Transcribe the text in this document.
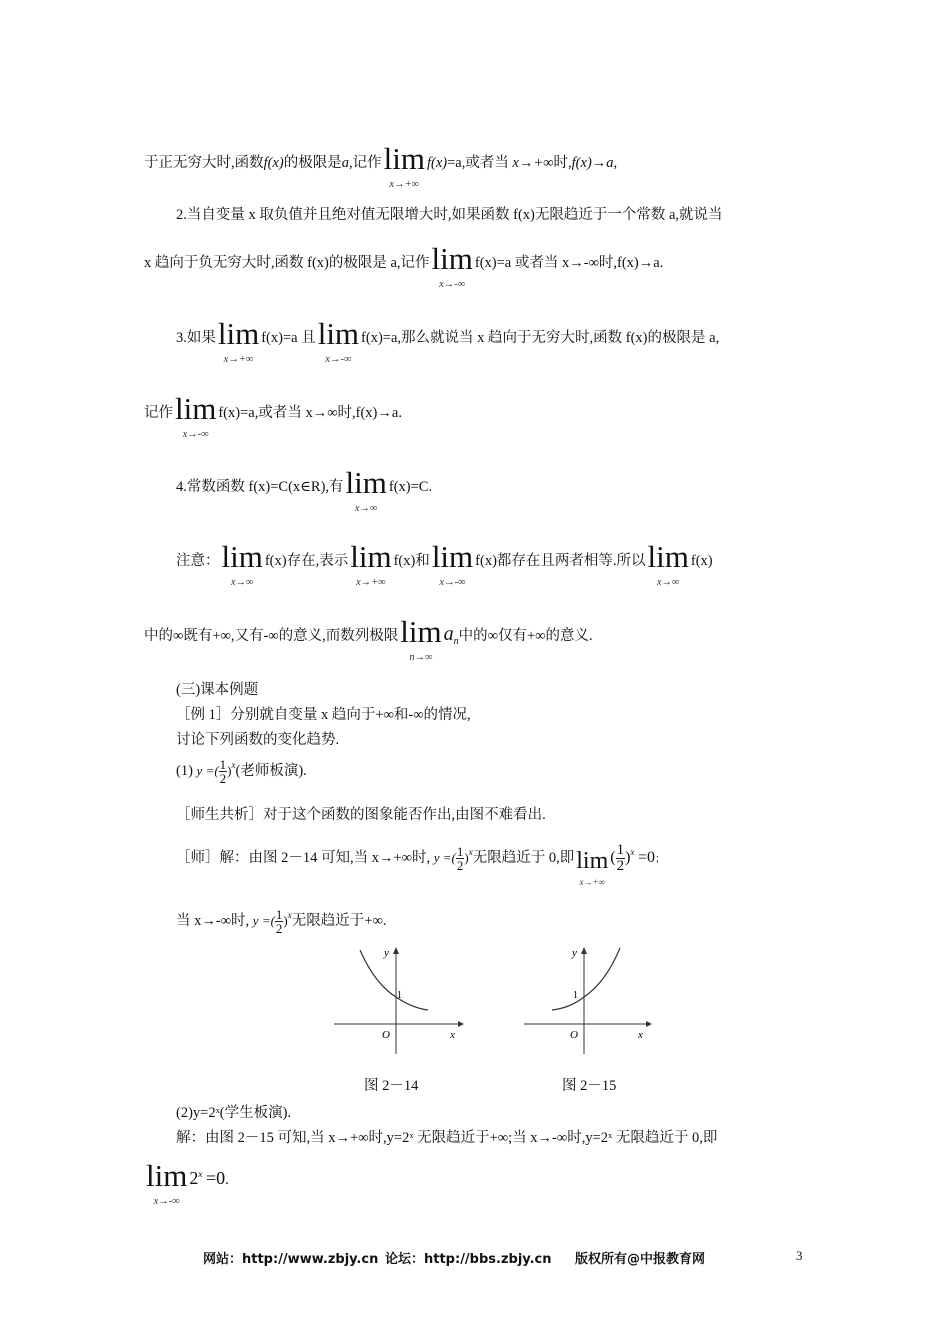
于正无穷大时,函数f(x)的极限是a,记作 lim
x→+∞
f(x)=a,或者当 x→+∞时,f(x)→a,
2.当自变量 x 取负值并且绝对值无限增大时,如果函数 f(x)无限趋近于一个常数 a,就说当
x 趋向于负无穷大时,函数 f(x)的极限是 a,记作 lim
x→-∞
f(x)=a 或者当 x→-∞时,f(x)→a.
3.如果 lim
x→+∞
f(x)=a 且 lim
x→-∞
f(x)=a,那么就说当 x 趋向于无穷大时,函数 f(x)的极限是 a,
记作 lim
x→-∞
f(x)=a,或者当 x→∞时,f(x)→a.
4.常数函数 f(x)=C(x∈R),有 lim
x→∞
f(x)=C.
注意： lim
x→∞
f(x)存在,表示 lim
x→+∞
f(x)和 lim
x→-∞
f(x)都存在且两者相等.所以 lim
x→∞
f(x)
中的∞既有+∞,又有-∞的意义,而数列极限 lim
n→∞
$a_n$中的∞仅有+∞的意义.
(三)课本例题
［例 1］分别就自变量 x 趋向于+∞和-∞的情况,
讨论下列函数的变化趋势.
(1) y =( $\frac{1}{2} )^x$(老师板演).
［师生共析］对于这个函数的图象能否作出,由图不难看出.
［师］解：由图 2－14 可知,当 x→+∞时, y =( $\frac{1}{2} )^x$无限趋近于 0,即 lim
x→+∞
( $\frac{1}{2} )^x =0$；
当 x→-∞时, y =( $\frac{1}{2} )^x$无限趋近于+∞.
x
y
O
1
图 2－14
x
y
O
1
图 2－15
(2)y=2ˣ(学生板演).
解：由图 2－15 可知,当 x→+∞时,y=2ˣ 无限趋近于+∞;当 x→-∞时,y=2ˣ 无限趋近于 0,即
lim
x→-∞
$2^x =0$.
网站：http://www.zbjy.cn 论坛：http://bbs.zbjy.cn 版权所有@中报教育网	3
